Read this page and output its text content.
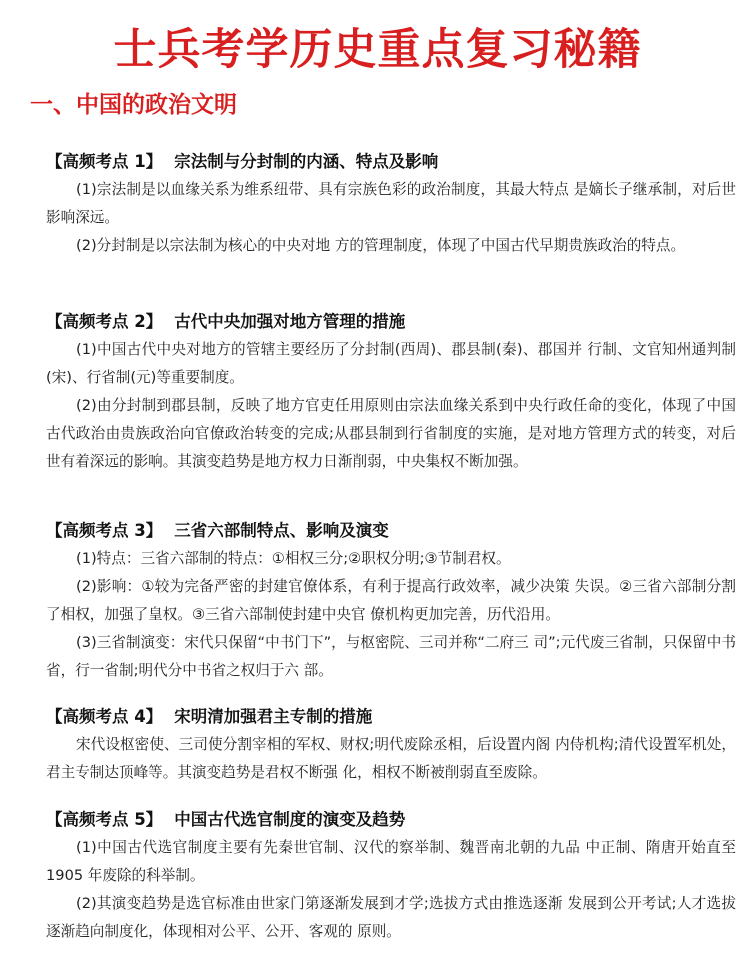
士兵考学历史重点复习秘籍
一、中国的政治文明
【高频考点 1】 宗法制与分封制的内涵、特点及影响

(1)宗法制是以血缘关系为维系纽带、具有宗族色彩的政治制度，其最大特点 是嫡长子继承制，对后世影响深远。

(2)分封制是以宗法制为核心的中央对地 方的管理制度，体现了中国古代早期贵族政治的特点。

【高频考点 2】 古代中央加强对地方管理的措施

(1)中国古代中央对地方的管辖主要经历了分封制(西周)、郡县制(秦)、郡国并 行制、文官知州通判制(宋)、行省制(元)等重要制度。

(2)由分封制到郡县制，反映了地方官吏任用原则由宗法血缘关系到中央行政任命的变化，体现了中国古代政治由贵族政治向官僚政治转变的完成;从郡县制到行省制度的实施，是对地方管理方式的转变，对后世有着深远的影响。其演变趋势是地方权力日渐削弱，中央集权不断加强。

【高频考点 3】 三省六部制特点、影响及演变

(1)特点：三省六部制的特点：①相权三分;②职权分明;③节制君权。

(2)影响：①较为完备严密的封建官僚体系，有利于提高行政效率，减少决策 失误。②三省六部制分割了相权，加强了皇权。③三省六部制使封建中央官 僚机构更加完善，历代沿用。

(3)三省制演变：宋代只保留“中书门下”，与枢密院、三司并称“二府三 司”;元代废三省制，只保留中书省，行一省制;明代分中书省之权归于六 部。

【高频考点 4】 宋明清加强君主专制的措施

宋代设枢密使、三司使分割宰相的军权、财权;明代废除丞相，后设置内阁 内侍机构;清代设置军机处，君主专制达顶峰等。其演变趋势是君权不断强 化，相权不断被削弱直至废除。

【高频考点 5】 中国古代选官制度的演变及趋势

(1)中国古代选官制度主要有先秦世官制、汉代的察举制、魏晋南北朝的九品 中正制、隋唐开始直至 1905 年废除的科举制。

(2)其演变趋势是选官标准由世家门第逐渐发展到才学;选拔方式由推选逐渐 发展到公开考试;人才选拔逐渐趋向制度化，体现相对公平、公开、客观的 原则。
